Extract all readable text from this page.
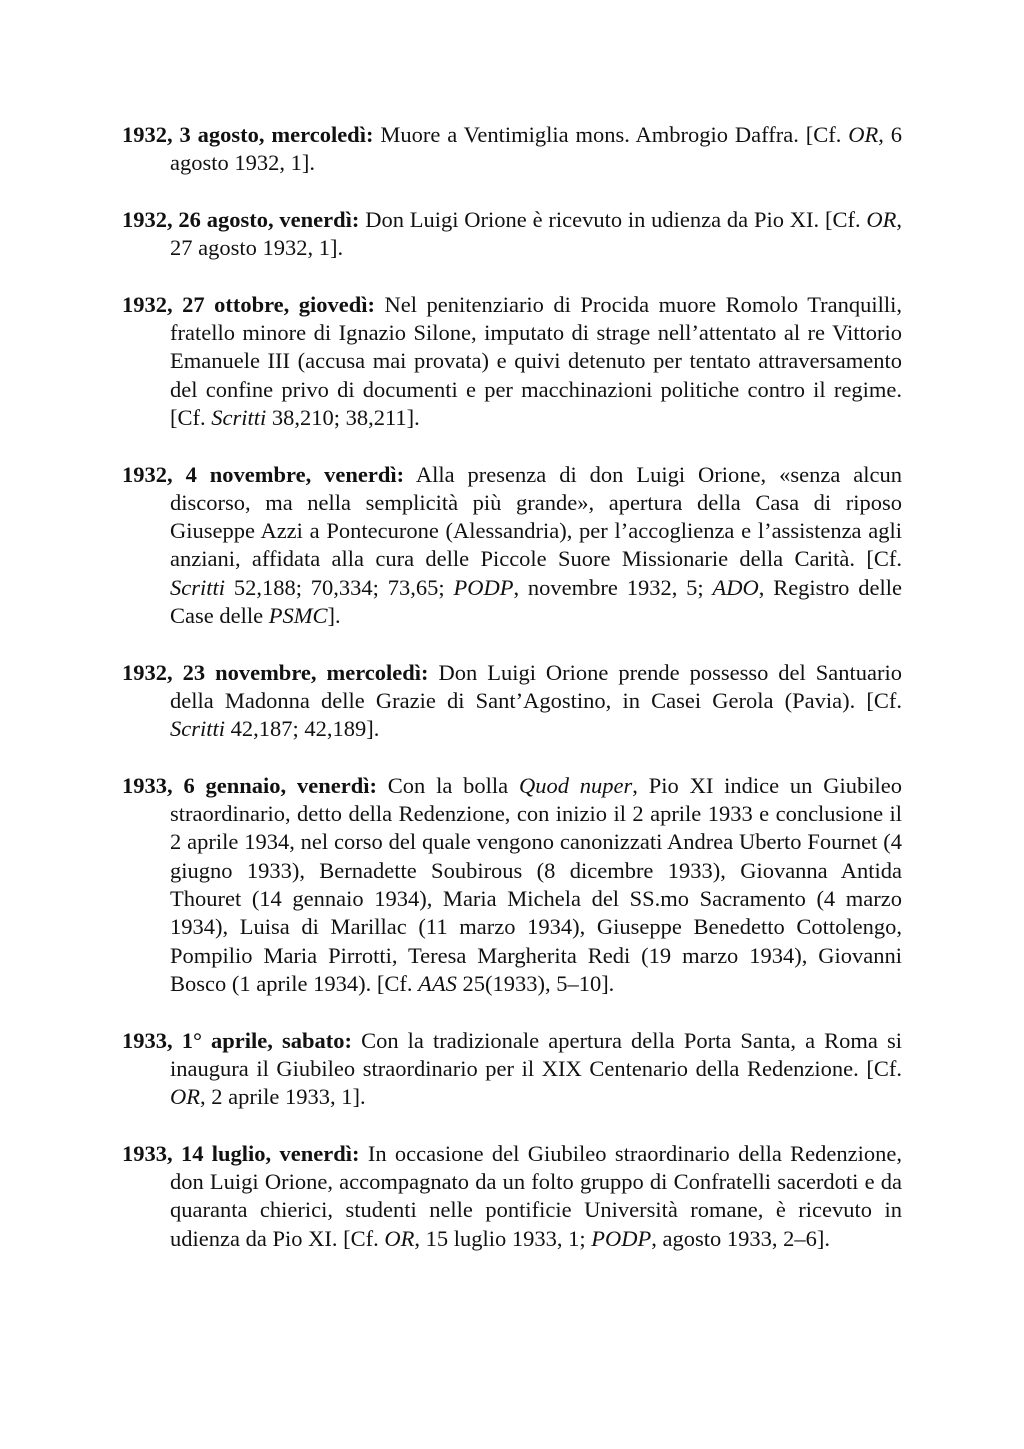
1932, 3 agosto, mercoledì: Muore a Ventimiglia mons. Ambrogio Daffra. [Cf. OR, 6 agosto 1932, 1].

1932, 26 agosto, venerdì: Don Luigi Orione è ricevuto in udienza da Pio XI. [Cf. OR, 27 agosto 1932, 1].

1932, 27 ottobre, giovedì: Nel penitenziario di Procida muore Romolo Tranquilli, fratello minore di Ignazio Silone, imputato di strage nell’attentato al re Vittorio Emanuele III (accusa mai provata) e quivi detenuto per tentato attraversamento del confine privo di documenti e per macchinazioni politiche contro il regime. [Cf. Scritti 38,210; 38,211].

1932, 4 novembre, venerdì: Alla presenza di don Luigi Orione, «senza alcun discorso, ma nella semplicità più grande», apertura della Casa di riposo Giuseppe Azzi a Pontecurone (Alessandria), per l’accoglienza e l’assistenza agli anziani, affidata alla cura delle Piccole Suore Missionarie della Carità. [Cf. Scritti 52,188; 70,334; 73,65; PODP, novembre 1932, 5; ADO, Registro delle Case delle PSMC].

1932, 23 novembre, mercoledì: Don Luigi Orione prende possesso del Santuario della Madonna delle Grazie di Sant’Agostino, in Casei Gerola (Pavia). [Cf. Scritti 42,187; 42,189].

1933, 6 gennaio, venerdì: Con la bolla Quod nuper, Pio XI indice un Giubileo straordinario, detto della Redenzione, con inizio il 2 aprile 1933 e conclusione il 2 aprile 1934, nel corso del quale vengono canonizzati Andrea Uberto Fournet (4 giugno 1933), Bernadette Soubirous (8 dicembre 1933), Giovanna Antida Thouret (14 gennaio 1934), Maria Michela del SS.mo Sacramento (4 marzo 1934), Luisa di Marillac (11 marzo 1934), Giuseppe Benedetto Cottolengo, Pompilio Maria Pirrotti, Teresa Margherita Redi (19 marzo 1934), Giovanni Bosco (1 aprile 1934). [Cf. AAS 25(1933), 5–10].

1933, 1° aprile, sabato: Con la tradizionale apertura della Porta Santa, a Roma si inaugura il Giubileo straordinario per il XIX Centenario della Redenzione. [Cf. OR, 2 aprile 1933, 1].

1933, 14 luglio, venerdì: In occasione del Giubileo straordinario della Redenzione, don Luigi Orione, accompagnato da un folto gruppo di Confratelli sacerdoti e da quaranta chierici, studenti nelle pontificie Università romane, è ricevuto in udienza da Pio XI. [Cf. OR, 15 luglio 1933, 1; PODP, agosto 1933, 2–6].
